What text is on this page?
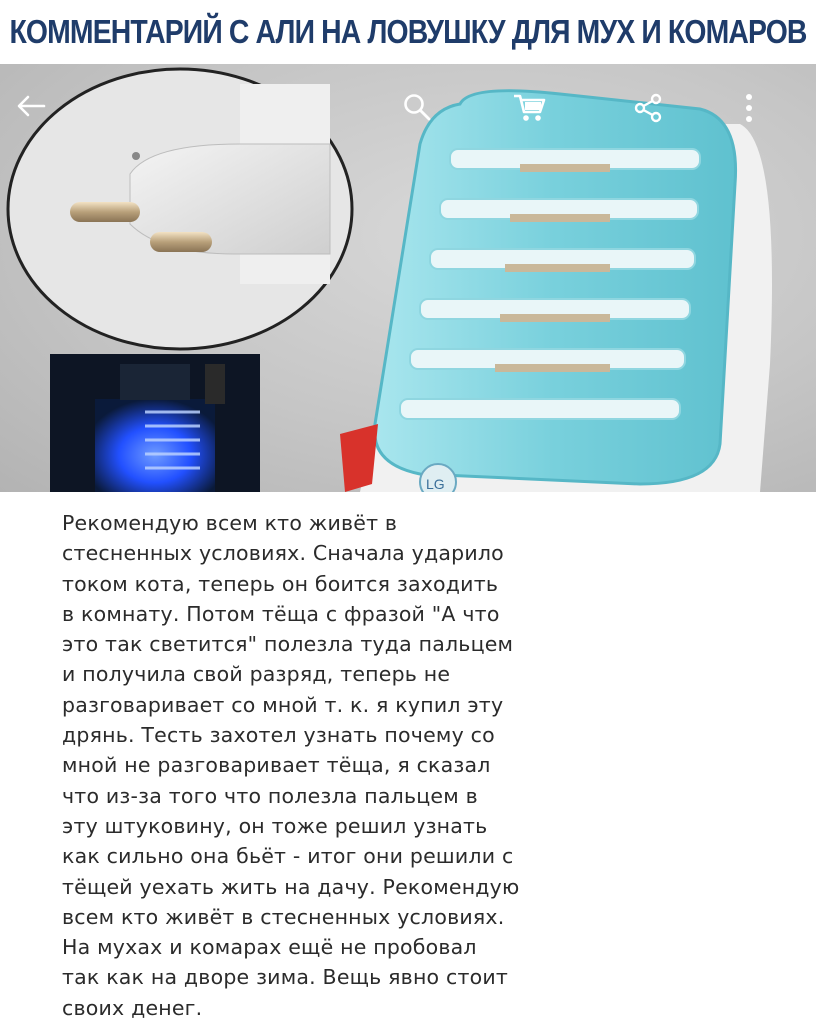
КОММЕНТАРИЙ С АЛИ НА ЛОВУШКУ ДЛЯ МУХ И КОМАРОВ
LG
Рекомендую всем кто живёт в
стесненных условиях. Сначала ударило
током кота, теперь он боится заходить
в комнату. Потом тёща с фразой "А что
это так светится" полезла туда пальцем
и получила свой разряд, теперь не
разговаривает со мной т. к. я купил эту
дрянь. Тесть захотел узнать почему со
мной не разговаривает тёща, я сказал
что из-за того что полезла пальцем в
эту штуковину, он тоже решил узнать
как сильно она бьёт - итог они решили с
тёщей уехать жить на дачу. Рекомендую
всем кто живёт в стесненных условиях.
На мухах и комарах ещё не пробовал
так как на дворе зима. Вещь явно стоит
своих денег.
